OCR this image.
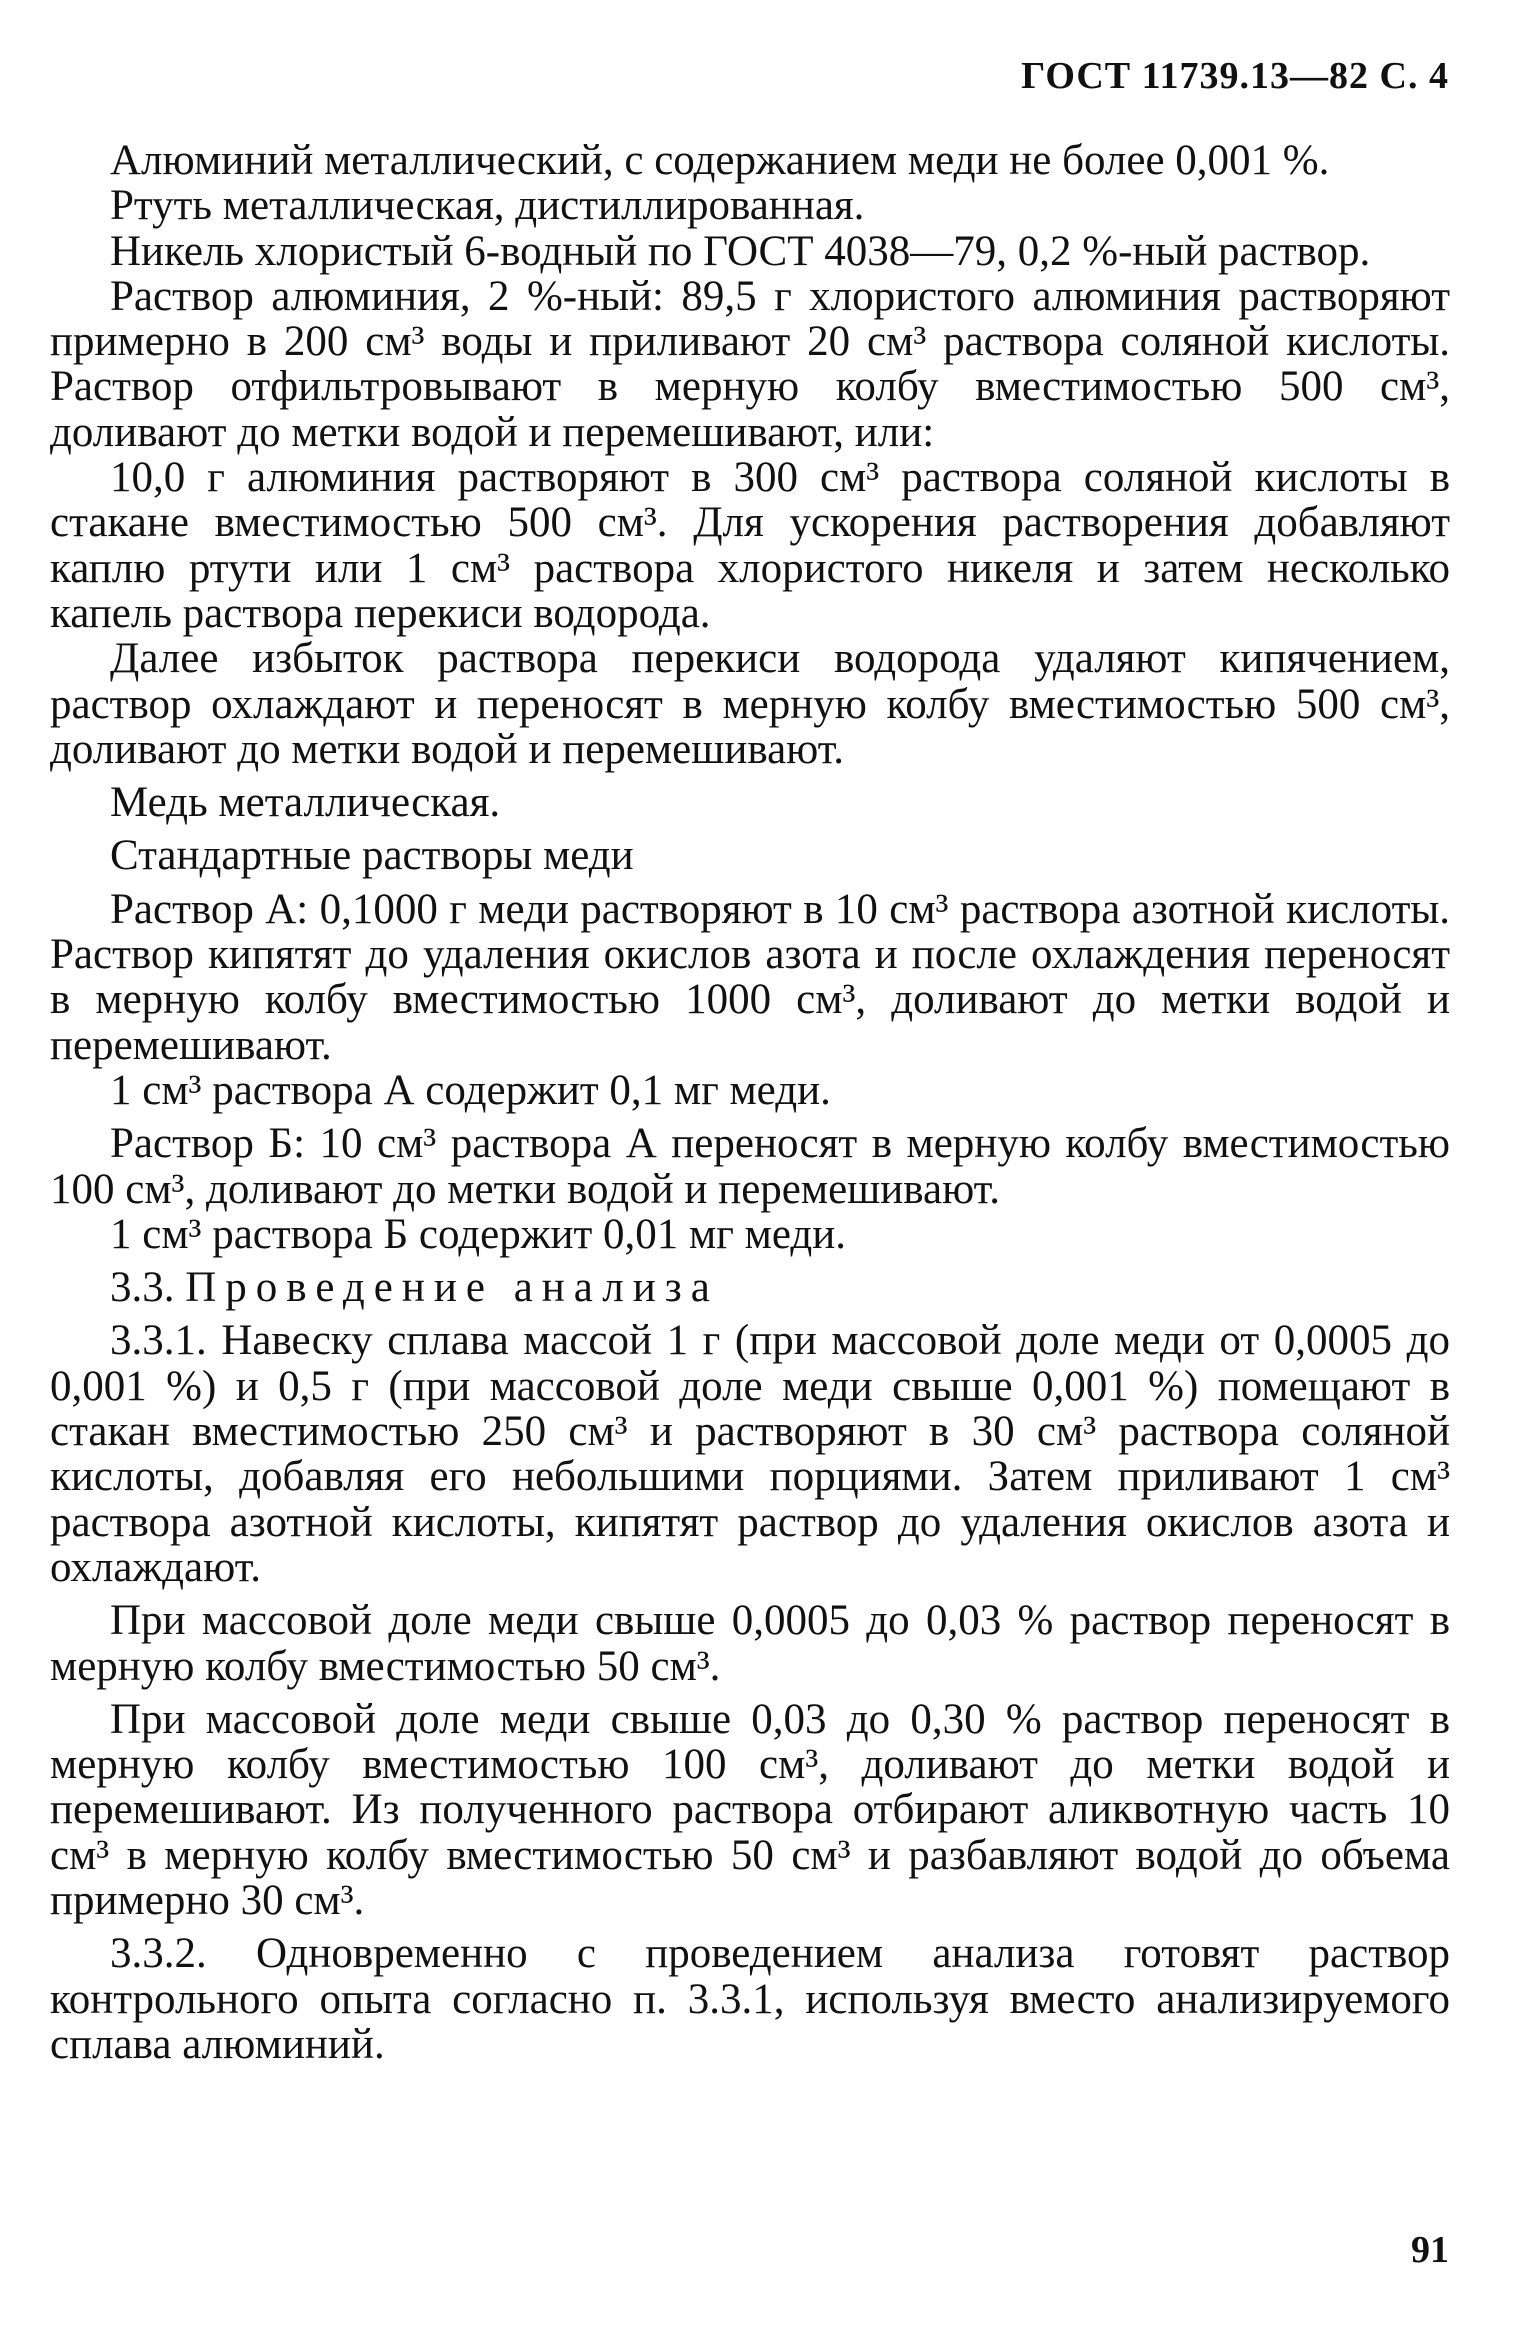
ГОСТ 11739.13—82 С. 4

Алюминий металлический, с содержанием меди не более 0,001 %.

Ртуть металлическая, дистиллированная.

Никель хлористый 6-водный по ГОСТ 4038—79, 0,2 %-ный раствор.

Раствор алюминия, 2 %-ный: 89,5 г хлористого алюминия растворяют примерно в 200 см³ воды и приливают 20 см³ раствора соляной кислоты. Раствор отфильтровывают в мерную колбу вместимостью 500 см³, доливают до метки водой и перемешивают, или:

10,0 г алюминия растворяют в 300 см³ раствора соляной кислоты в стакане вместимостью 500 см³. Для ускорения растворения добавляют каплю ртути или 1 см³ раствора хлористого никеля и затем несколько капель раствора перекиси водорода.

Далее избыток раствора перекиси водорода удаляют кипячением, раствор охлаждают и переносят в мерную колбу вместимостью 500 см³, доливают до метки водой и перемешивают.

Медь металлическая.

Стандартные растворы меди

Раствор А: 0,1000 г меди растворяют в 10 см³ раствора азотной кислоты. Раствор кипятят до удаления окислов азота и после охлаждения переносят в мерную колбу вместимостью 1000 см³, доливают до метки водой и перемешивают.

1 см³ раствора А содержит 0,1 мг меди.

Раствор Б: 10 см³ раствора А переносят в мерную колбу вместимостью 100 см³, доливают до метки водой и перемешивают.

1 см³ раствора Б содержит 0,01 мг меди.

3.3. Проведение анализа

3.3.1. Навеску сплава массой 1 г (при массовой доле меди от 0,0005 до 0,001 %) и 0,5 г (при массовой доле меди свыше 0,001 %) помещают в стакан вместимостью 250 см³ и растворяют в 30 см³ раствора соляной кислоты, добавляя его небольшими порциями. Затем приливают 1 см³ раствора азотной кислоты, кипятят раствор до удаления окислов азота и охлаждают.

При массовой доле меди свыше 0,0005 до 0,03 % раствор переносят в мерную колбу вместимостью 50 см³.

При массовой доле меди свыше 0,03 до 0,30 % раствор переносят в мерную колбу вместимостью 100 см³, доливают до метки водой и перемешивают. Из полученного раствора отбирают аликвотную часть 10 см³ в мерную колбу вместимостью 50 см³ и разбавляют водой до объема примерно 30 см³.

3.3.2. Одновременно с проведением анализа готовят раствор контрольного опыта согласно п. 3.3.1, используя вместо анализируемого сплава алюминий.

91
